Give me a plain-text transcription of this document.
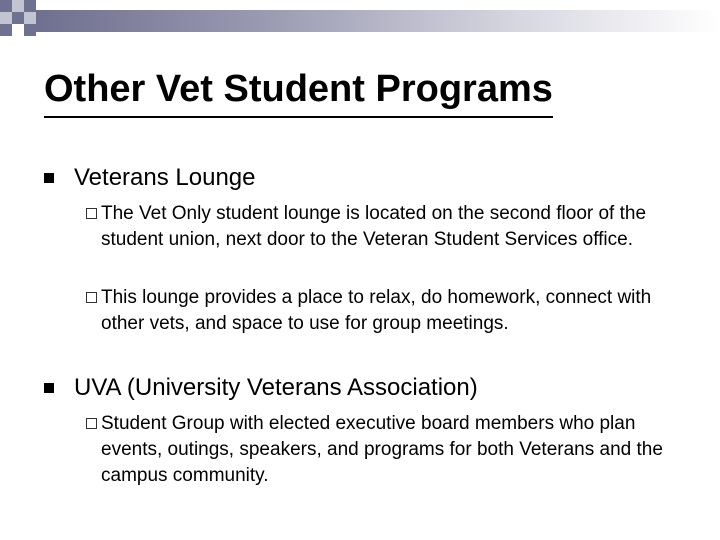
Other Vet Student Programs
Veterans Lounge
The Vet Only student lounge is located on the second floor of the student union, next door to the Veteran Student Services office.
This lounge provides a place to relax, do homework, connect with other vets, and space to use for group meetings.
UVA (University Veterans Association)
Student Group with elected executive board members who plan events, outings, speakers, and programs for both Veterans and the campus community.
